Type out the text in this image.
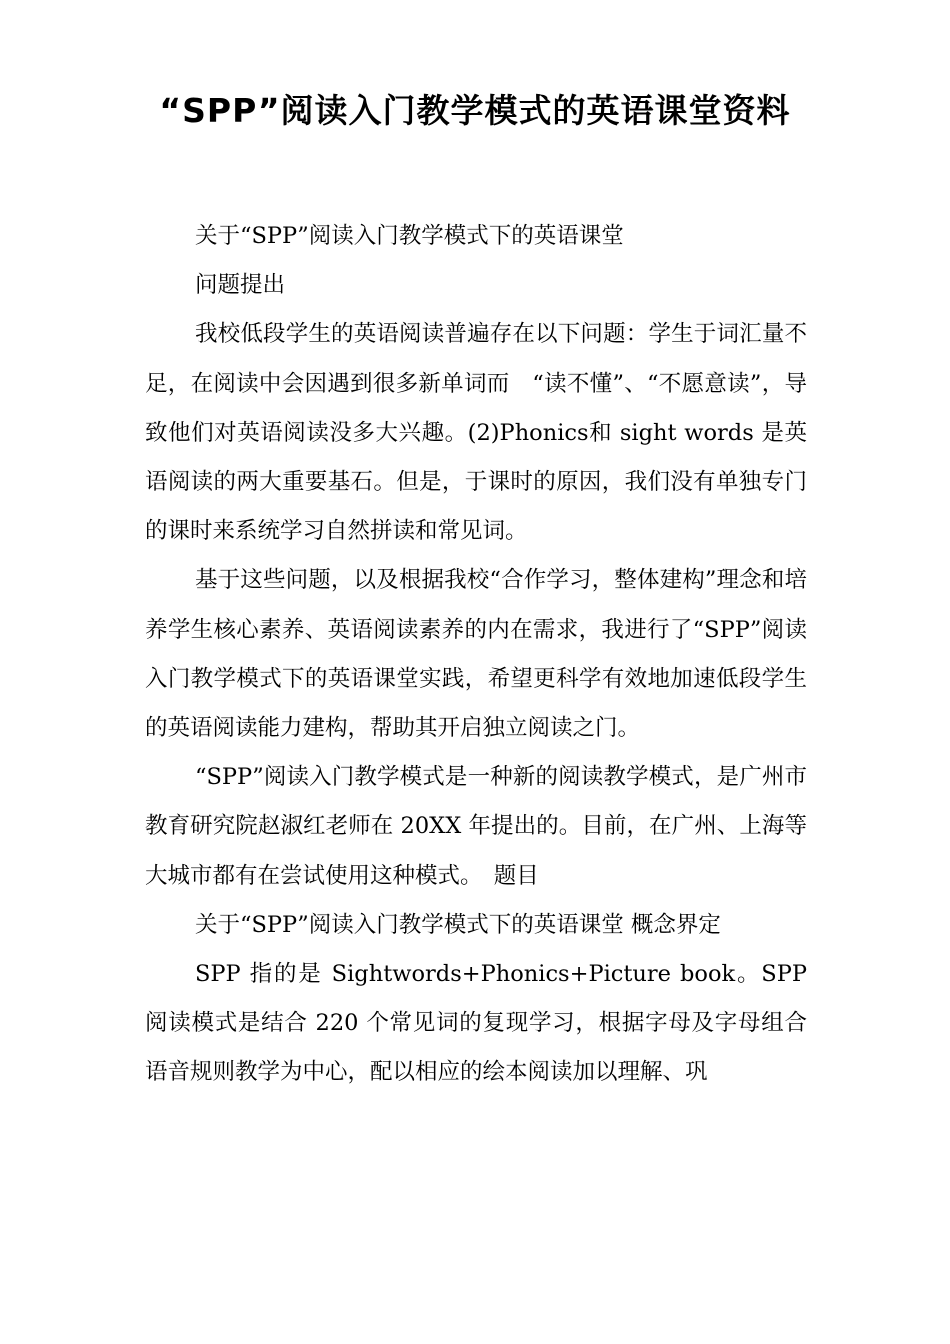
“SPP”阅读入门教学模式的英语课堂资料

关于“SPP”阅读入门教学模式下的英语课堂

问题提出

我校低段学生的英语阅读普遍存在以下问题：学生于词汇量不足，在阅读中会因遇到很多新单词而　“读不懂”、“不愿意读”，导致他们对英语阅读没多大兴趣。(2)Phonics和 sight words 是英语阅读的两大重要基石。但是，于课时的原因，我们没有单独专门的课时来系统学习自然拼读和常见词。

基于这些问题，以及根据我校“合作学习，整体建构”理念和培养学生核心素养、英语阅读素养的内在需求，我进行了“SPP”阅读入门教学模式下的英语课堂实践，希望更科学有效地加速低段学生的英语阅读能力建构，帮助其开启独立阅读之门。

“SPP”阅读入门教学模式是一种新的阅读教学模式，是广州市教育研究院赵淑红老师在 20XX 年提出的。目前，在广州、上海等大城市都有在尝试使用这种模式。　题目

关于“SPP”阅读入门教学模式下的英语课堂 概念界定

SPP 指的是 Sightwords+Phonics+Picture book。SPP 阅读模式是结合 220 个常见词的复现学习，根据字母及字母组合语音规则教学为中心，配以相应的绘本阅读加以理解、巩
